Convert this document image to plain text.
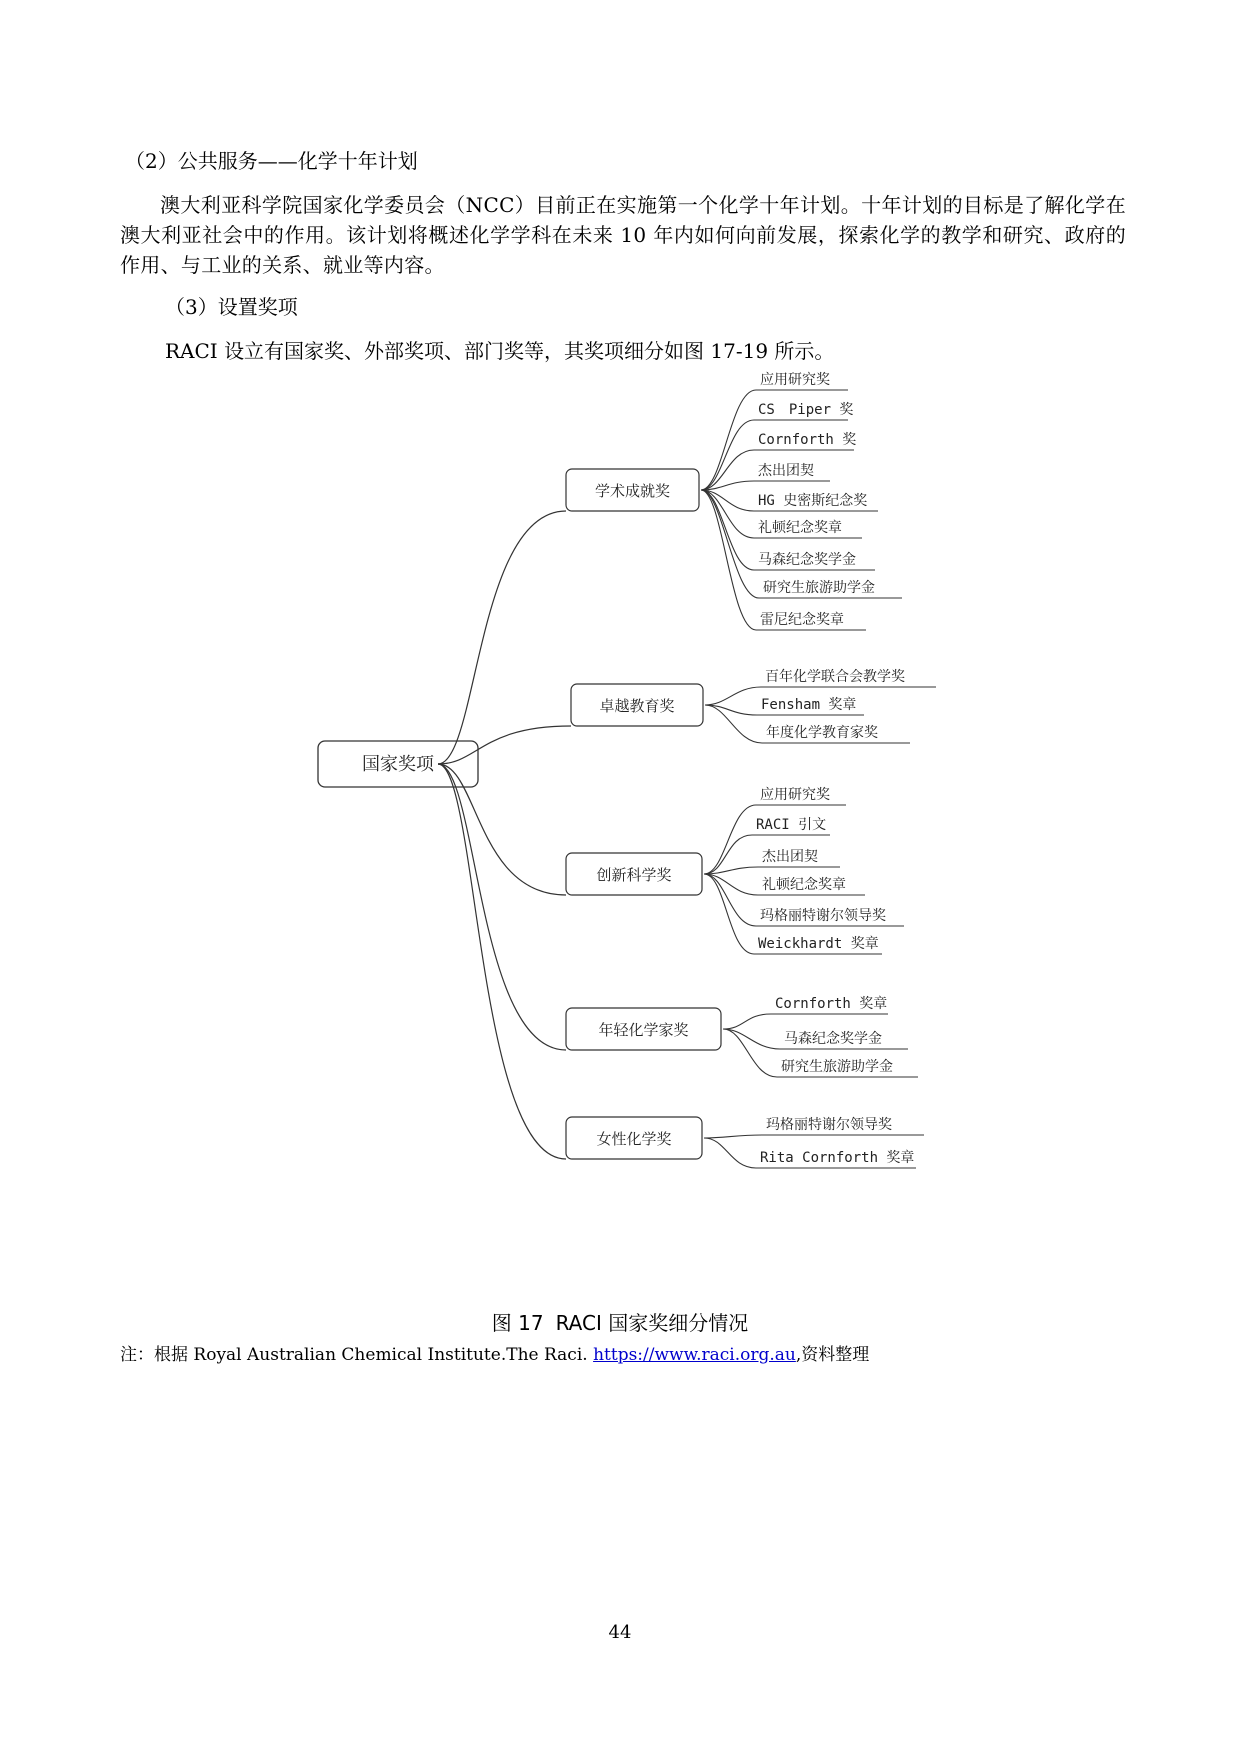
（2）公共服务——化学十年计划

澳大利亚科学院国家化学委员会（NCC）目前正在实施第一个化学十年计划。十年计划的目标是了解化学在澳大利亚社会中的作用。该计划将概述化学学科在未来 10 年内如何向前发展，探索化学的教学和研究、政府的作用、与工业的关系、就业等内容。

（3）设置奖项

RACI 设立有国家奖、外部奖项、部门奖等，其奖项细分如图 17-19 所示。

国家奖项
学术成就奖
应用研究奖
CS　Piper 奖
Cornforth 奖
杰出团契
HG 史密斯纪念奖
礼顿纪念奖章
马森纪念奖学金
研究生旅游助学金
雷尼纪念奖章
卓越教育奖
百年化学联合会教学奖
Fensham 奖章
年度化学教育家奖
创新科学奖
应用研究奖
RACI 引文
杰出团契
礼顿纪念奖章
玛格丽特谢尔领导奖
Weickhardt 奖章
年轻化学家奖
Cornforth 奖章
马森纪念奖学金
研究生旅游助学金
女性化学奖
玛格丽特谢尔领导奖
Rita Cornforth 奖章
图 17 RACI 国家奖细分情况
注：根据 Royal Australian Chemical Institute.The Raci. https://www.raci.org.au,资料整理
44
